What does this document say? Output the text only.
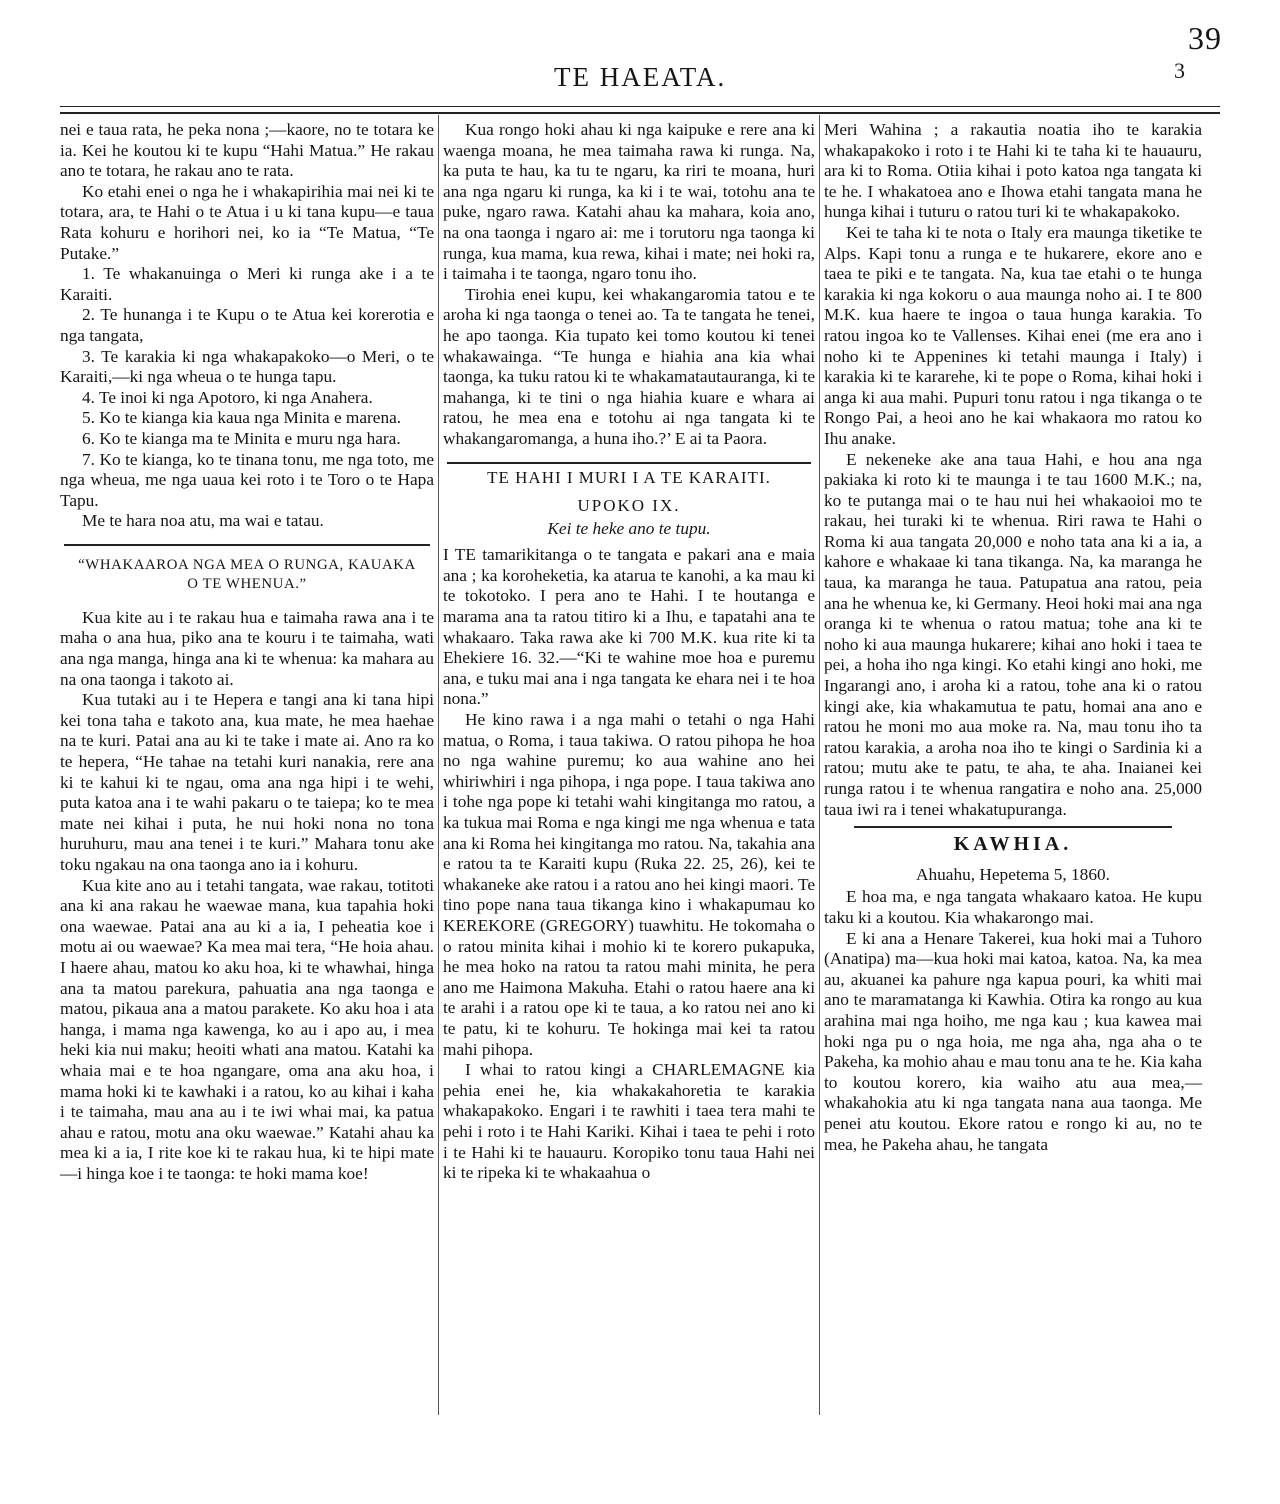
39
3
TE HAEATA.

nei e taua rata, he peka nona ;—kaore, no te totara ke ia. Kei he koutou ki te kupu “Hahi Matua.” He rakau ano te totara, he rakau ano te rata.

Ko etahi enei o nga he i whakapirihia mai nei ki te totara, ara, te Hahi o te Atua i u ki tana kupu—e taua Rata kohuru e horihori nei, ko ia “Te Matua, “Te Putake.”

1. Te whakanuinga o Meri ki runga ake i a te Karaiti.

2. Te hunanga i te Kupu o te Atua kei korerotia e nga tangata,

3. Te karakia ki nga whakapakoko—o Meri, o te Karaiti,—ki nga wheua o te hunga tapu.

4. Te inoi ki nga Apotoro, ki nga Anahera.

5. Ko te kianga kia kaua nga Minita e marena.

6. Ko te kianga ma te Minita e muru nga hara.

7. Ko te kianga, ko te tinana tonu, me nga toto, me nga wheua, me nga uaua kei roto i te Toro o te Hapa Tapu.

Me te hara noa atu, ma wai e tatau.

“WHAKAAROA NGA MEA O RUNGA, KAUAKA
O TE WHENUA.”

Kua kite au i te rakau hua e taimaha rawa ana i te maha o ana hua, piko ana te kouru i te taimaha, wati ana nga manga, hinga ana ki te whenua: ka mahara au na ona taonga i takoto ai.

Kua tutaki au i te Hepera e tangi ana ki tana hipi kei tona taha e takoto ana, kua mate, he mea haehae na te kuri. Patai ana au ki te take i mate ai. Ano ra ko te hepera, “He tahae na tetahi kuri nanakia, rere ana ki te kahui ki te ngau, oma ana nga hipi i te wehi, puta katoa ana i te wahi pakaru o te taiepa; ko te mea mate nei kihai i puta, he nui hoki nona no tona huruhuru, mau ana tenei i te kuri.” Mahara tonu ake toku ngakau na ona taonga ano ia i kohuru.

Kua kite ano au i tetahi tangata, wae rakau, totitoti ana ki ana rakau he waewae mana, kua tapahia hoki ona waewae. Patai ana au ki a ia, I peheatia koe i motu ai ou waewae? Ka mea mai tera, “He hoia ahau. I haere ahau, matou ko aku hoa, ki te whawhai, hinga ana ta matou parekura, pahuatia ana nga taonga e matou, pikaua ana a matou parakete. Ko aku hoa i ata hanga, i mama nga kawenga, ko au i apo au, i mea heki kia nui maku; heoiti whati ana matou. Katahi ka whaia mai e te hoa ngangare, oma ana aku hoa, i mama hoki ki te kawhaki i a ratou, ko au kihai i kaha i te taimaha, mau ana au i te iwi whai mai, ka patua ahau e ratou, motu ana oku waewae.” Katahi ahau ka mea ki a ia, I rite koe ki te rakau hua, ki te hipi mate—i hinga koe i te taonga: te hoki mama koe!

Kua rongo hoki ahau ki nga kaipuke e rere ana ki waenga moana, he mea taimaha rawa ki runga. Na, ka puta te hau, ka tu te ngaru, ka riri te moana, huri ana nga ngaru ki runga, ka ki i te wai, totohu ana te puke, ngaro rawa. Katahi ahau ka mahara, koia ano, na ona taonga i ngaro ai: me i torutoru nga taonga ki runga, kua mama, kua rewa, kihai i mate; nei hoki ra, i taimaha i te taonga, ngaro tonu iho.

Tirohia enei kupu, kei whakangaromia tatou e te aroha ki nga taonga o tenei ao. Ta te tangata he tenei, he apo taonga. Kia tupato kei tomo koutou ki tenei whakawainga. “Te hunga e hiahia ana kia whai taonga, ka tuku ratou ki te whakamatautauranga, ki te mahanga, ki te tini o nga hiahia kuare e whara ai ratou, he mea ena e totohu ai nga tangata ki te whakangaromanga, a huna iho.?’ E ai ta Paora.

TE HAHI I MURI I A TE KARAITI.
UPOKO IX.
Kei te heke ano te tupu.

I TE tamarikitanga o te tangata e pakari ana e maia ana ; ka koroheketia, ka atarua te kanohi, a ka mau ki te tokotoko. I pera ano te Hahi. I te houtanga e marama ana ta ratou titiro ki a Ihu, e tapatahi ana te whakaaro. Taka rawa ake ki 700 M.K. kua rite ki ta Ehekiere 16. 32.—“Ki te wahine moe hoa e puremu ana, e tuku mai ana i nga tangata ke ehara nei i te hoa nona.”

He kino rawa i a nga mahi o tetahi o nga Hahi matua, o Roma, i taua takiwa. O ratou pihopa he hoa no nga wahine puremu; ko aua wahine ano hei whiriwhiri i nga pihopa, i nga pope. I taua takiwa ano i tohe nga pope ki tetahi wahi kingitanga mo ratou, a ka tukua mai Roma e nga kingi me nga whenua e tata ana ki Roma hei kingitanga mo ratou. Na, takahia ana e ratou ta te Karaiti kupu (Ruka 22. 25, 26), kei te whakaneke ake ratou i a ratou ano hei kingi maori. Te tino pope nana taua tikanga kino i whakapumau ko KEREKORE (GREGORY) tuawhitu. He tokomaha o o ratou minita kihai i mohio ki te korero pukapuka, he mea hoko na ratou ta ratou mahi minita, he pera ano me Haimona Makuha. Etahi o ratou haere ana ki te arahi i a ratou ope ki te taua, a ko ratou nei ano ki te patu, ki te kohuru. Te hokinga mai kei ta ratou mahi pihopa.

I whai to ratou kingi a CHARLEMAGNE kia pehia enei he, kia whakakahoretia te karakia whakapakoko. Engari i te rawhiti i taea tera mahi te pehi i roto i te Hahi Kariki. Kihai i taea te pehi i roto i te Hahi ki te hauauru. Koropiko tonu taua Hahi nei ki te ripeka ki te whakaahua o

Meri Wahina ; a rakautia noatia iho te karakia whakapakoko i roto i te Hahi ki te taha ki te hauauru, ara ki to Roma. Otiia kihai i poto katoa nga tangata ki te he. I whakatoea ano e Ihowa etahi tangata mana he hunga kihai i tuturu o ratou turi ki te whakapakoko.

Kei te taha ki te nota o Italy era maunga tiketike te Alps. Kapi tonu a runga e te hukarere, ekore ano e taea te piki e te tangata. Na, kua tae etahi o te hunga karakia ki nga kokoru o aua maunga noho ai. I te 800 M.K. kua haere te ingoa o taua hunga karakia. To ratou ingoa ko te Vallenses. Kihai enei (me era ano i noho ki te Appenines ki tetahi maunga i Italy) i karakia ki te kararehe, ki te pope o Roma, kihai hoki i anga ki aua mahi. Pupuri tonu ratou i nga tikanga o te Rongo Pai, a heoi ano he kai whakaora mo ratou ko Ihu anake.

E nekeneke ake ana taua Hahi, e hou ana nga pakiaka ki roto ki te maunga i te tau 1600 M.K.; na, ko te putanga mai o te hau nui hei whakaoioi mo te rakau, hei turaki ki te whenua. Riri rawa te Hahi o Roma ki aua tangata 20,000 e noho tata ana ki a ia, a kahore e whakaae ki tana tikanga. Na, ka maranga he taua, ka maranga he taua. Patupatua ana ratou, peia ana he whenua ke, ki Germany. Heoi hoki mai ana nga oranga ki te whenua o ratou matua; tohe ana ki te noho ki aua maunga hukarere; kihai ano hoki i taea te pei, a hoha iho nga kingi. Ko etahi kingi ano hoki, me Ingarangi ano, i aroha ki a ratou, tohe ana ki o ratou kingi ake, kia whakamutua te patu, homai ana ano e ratou he moni mo aua moke ra. Na, mau tonu iho ta ratou karakia, a aroha noa iho te kingi o Sardinia ki a ratou; mutu ake te patu, te aha, te aha. Inaianei kei runga ratou i te whenua rangatira e noho ana. 25,000 taua iwi ra i tenei whakatupuranga.

KAWHIA.
Ahuahu, Hepetema 5, 1860.

E hoa ma, e nga tangata whakaaro katoa. He kupu taku ki a koutou. Kia whakarongo mai.

E ki ana a Henare Takerei, kua hoki mai a Tuhoro (Anatipa) ma—kua hoki mai katoa, katoa. Na, ka mea au, akuanei ka pahure nga kapua pouri, ka whiti mai ano te maramatanga ki Kawhia. Otira ka rongo au kua arahina mai nga hoiho, me nga kau ; kua kawea mai hoki nga pu o nga hoia, me nga aha, nga aha o te Pakeha, ka mohio ahau e mau tonu ana te he. Kia kaha to koutou korero, kia waiho atu aua mea,—whakahokia atu ki nga tangata nana aua taonga. Me penei atu koutou. Ekore ratou e rongo ki au, no te mea, he Pakeha ahau, he tangata
